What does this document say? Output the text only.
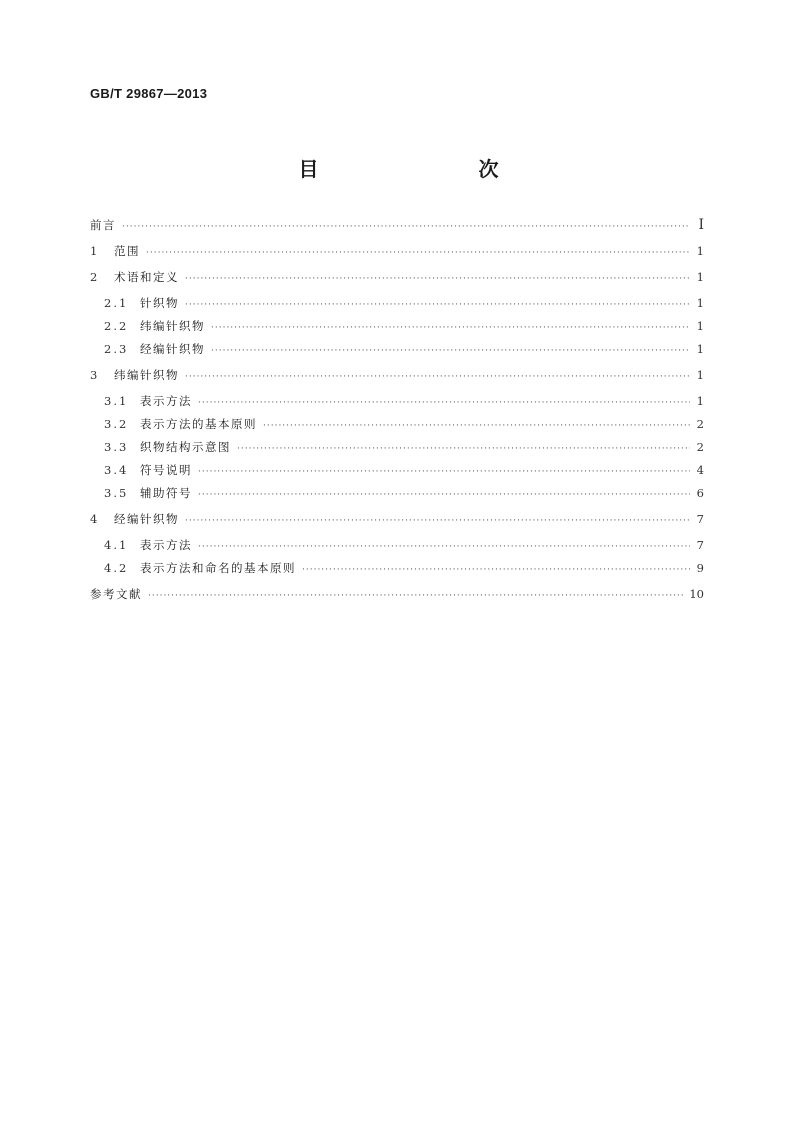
GB/T 29867—2013
目　　次
前言 ·····	Ⅰ
1	范围 ·····	1
2	术语和定义 ·····	1
2.1	针织物 ·····	1
2.2	纬编针织物 ·····	1
2.3	经编针织物 ·····	1
3	纬编针织物 ·····	1
3.1	表示方法 ·····	1
3.2	表示方法的基本原则 ·····	2
3.3	织物结构示意图 ·····	2
3.4	符号说明 ·····	4
3.5	辅助符号 ·····	6
4	经编针织物 ·····	7
4.1	表示方法 ·····	7
4.2	表示方法和命名的基本原则 ·····	9
参考文献 ·····	10
